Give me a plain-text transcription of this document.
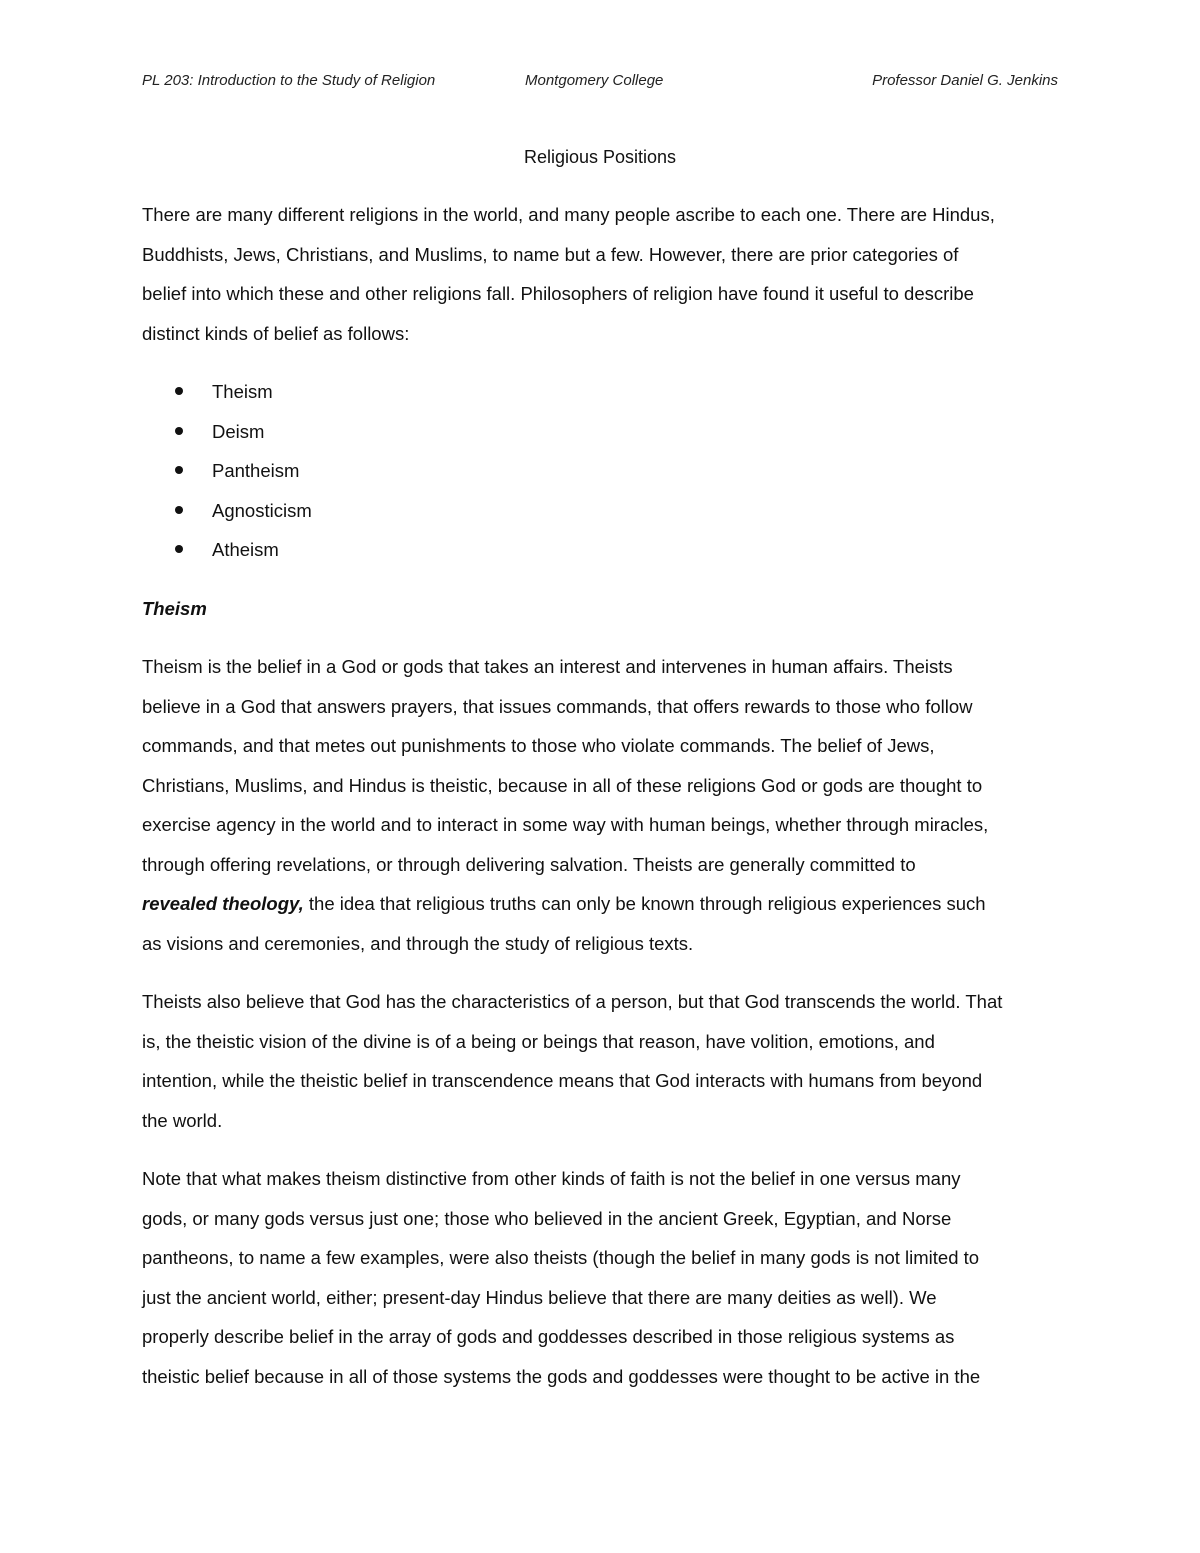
PL 203: Introduction to the Study of Religion	Montgomery College	Professor Daniel G. Jenkins
Religious Positions

There are many different religions in the world, and many people ascribe to each one. There are Hindus,
Buddhists, Jews, Christians, and Muslims, to name but a few. However, there are prior categories of
belief into which these and other religions fall. Philosophers of religion have found it useful to describe
distinct kinds of belief as follows:

Theism
Deism
Pantheism
Agnosticism
Atheism

Theism

Theism is the belief in a God or gods that takes an interest and intervenes in human affairs. Theists
believe in a God that answers prayers, that issues commands, that offers rewards to those who follow
commands, and that metes out punishments to those who violate commands. The belief of Jews,
Christians, Muslims, and Hindus is theistic, because in all of these religions God or gods are thought to
exercise agency in the world and to interact in some way with human beings, whether through miracles,
through offering revelations, or through delivering salvation. Theists are generally committed to
revealed theology, the idea that religious truths can only be known through religious experiences such
as visions and ceremonies, and through the study of religious texts.

Theists also believe that God has the characteristics of a person, but that God transcends the world. That
is, the theistic vision of the divine is of a being or beings that reason, have volition, emotions, and
intention, while the theistic belief in transcendence means that God interacts with humans from beyond
the world.

Note that what makes theism distinctive from other kinds of faith is not the belief in one versus many
gods, or many gods versus just one; those who believed in the ancient Greek, Egyptian, and Norse
pantheons, to name a few examples, were also theists (though the belief in many gods is not limited to
just the ancient world, either; present-day Hindus believe that there are many deities as well). We
properly describe belief in the array of gods and goddesses described in those religious systems as
theistic belief because in all of those systems the gods and goddesses were thought to be active in the
